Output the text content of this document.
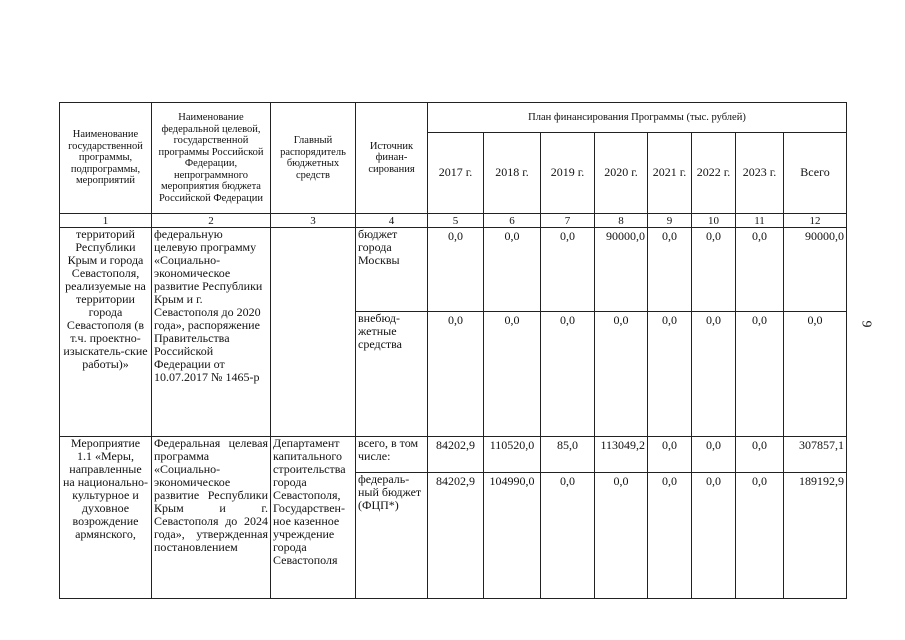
9
Наименование государственной программы, подпрограммы, мероприятий	Наименование федеральной целевой, государственной программы Российской Федерации, непрограммного мероприятия бюджета Российской Федерации	Главный распорядитель бюджетных средств	Источник финан-сирования	План финансирования Программы (тыс. рублей)							
				2017 г.	2018 г.	2019 г.	2020 г.	2021 г.	2022 г.	2023 г.	Всего
1	2	3	4	5	6	7	8	9	10	11	12
территорий Республики Крым и города Севастополя, реализуемые на территории города Севастополя (в т.ч. проектно-изыскатель-ские работы)»	федеральную целевую программу «Социально-экономическое развитие Республики Крым и г. Севастополя до 2020 года», распоряжение Правительства Российской Федерации от 10.07.2017 № 1465-р		бюджет города Москвы	0,0	0,0	0,0	90000,0	0,0	0,0	0,0	90000,0
			внебюд-жетные средства	0,0	0,0	0,0	0,0	0,0	0,0	0,0	0,0
Мероприятие 1.1 «Меры, направленные на национально-культурное и духовное возрождение армянского,	Федеральная целевая программа «Социально-экономическое развитие Республики Крым и г. Севастополя до 2024 года», утвержденная постановлением	Департамент капитального строительства города Севастополя, Государствен-ное казенное учреждение города Севастополя	всего, в том числе:	84202,9	110520,0	85,0	113049,2	0,0	0,0	0,0	307857,1
			федераль-ный бюджет (ФЦП*)	84202,9	104990,0	0,0	0,0	0,0	0,0	0,0	189192,9
